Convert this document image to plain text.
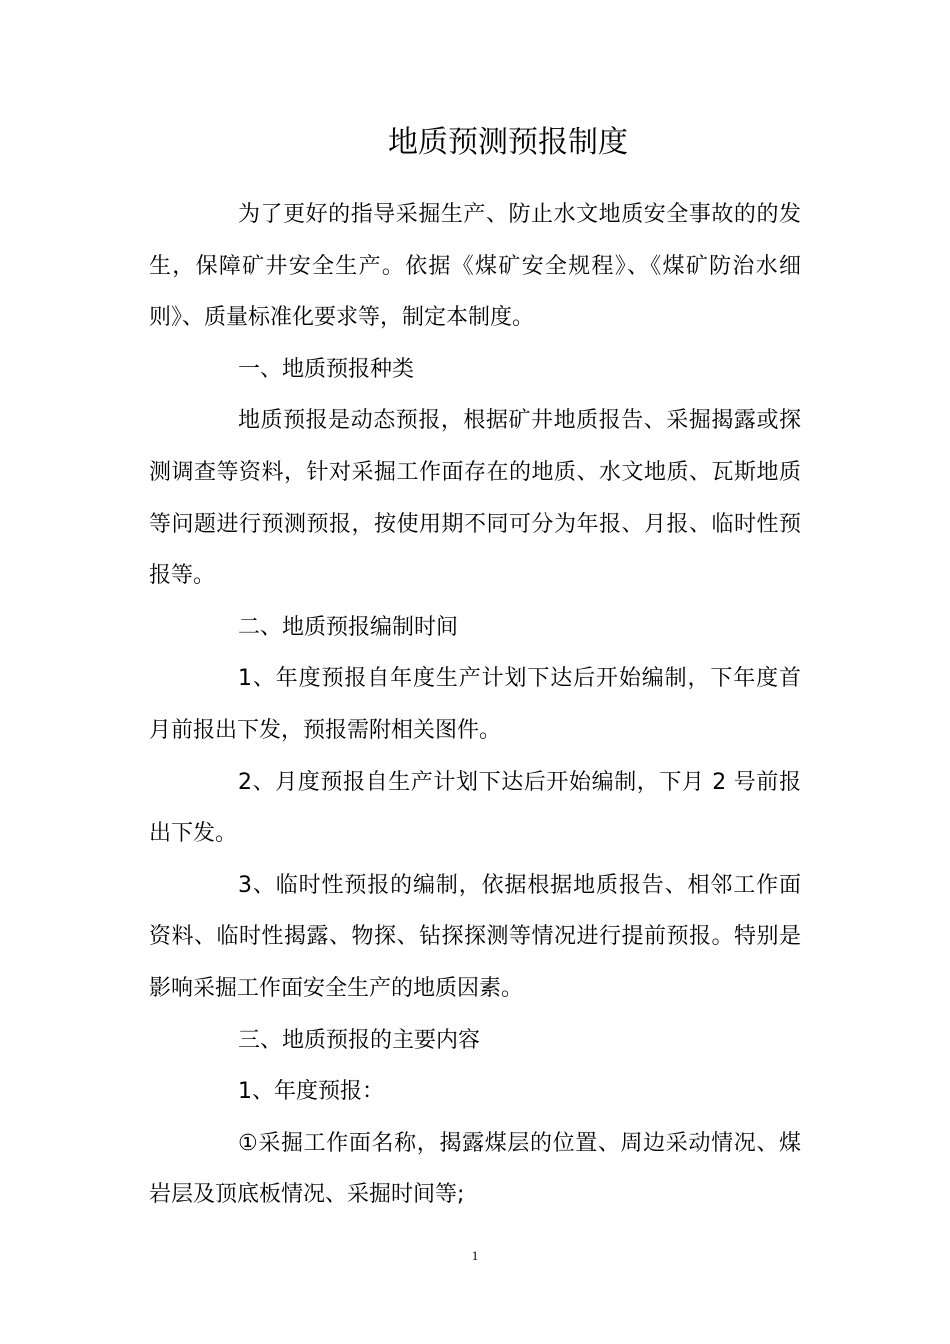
地质预测预报制度

为了更好的指导采掘生产、防止水文地质安全事故的的发生，保障矿井安全生产。依据《煤矿安全规程》、《煤矿防治水细则》、质量标准化要求等，制定本制度。

一、地质预报种类

地质预报是动态预报，根据矿井地质报告、采掘揭露或探测调查等资料，针对采掘工作面存在的地质、水文地质、瓦斯地质等问题进行预测预报，按使用期不同可分为年报、月报、临时性预报等。

二、地质预报编制时间

1、年度预报自年度生产计划下达后开始编制，下年度首月前报出下发，预报需附相关图件。

2、月度预报自生产计划下达后开始编制，下月 2 号前报出下发。

3、临时性预报的编制，依据根据地质报告、相邻工作面资料、临时性揭露、物探、钻探探测等情况进行提前预报。特别是影响采掘工作面安全生产的地质因素。

三、地质预报的主要内容

1、年度预报：

①采掘工作面名称，揭露煤层的位置、周边采动情况、煤岩层及顶底板情况、采掘时间等;

1
